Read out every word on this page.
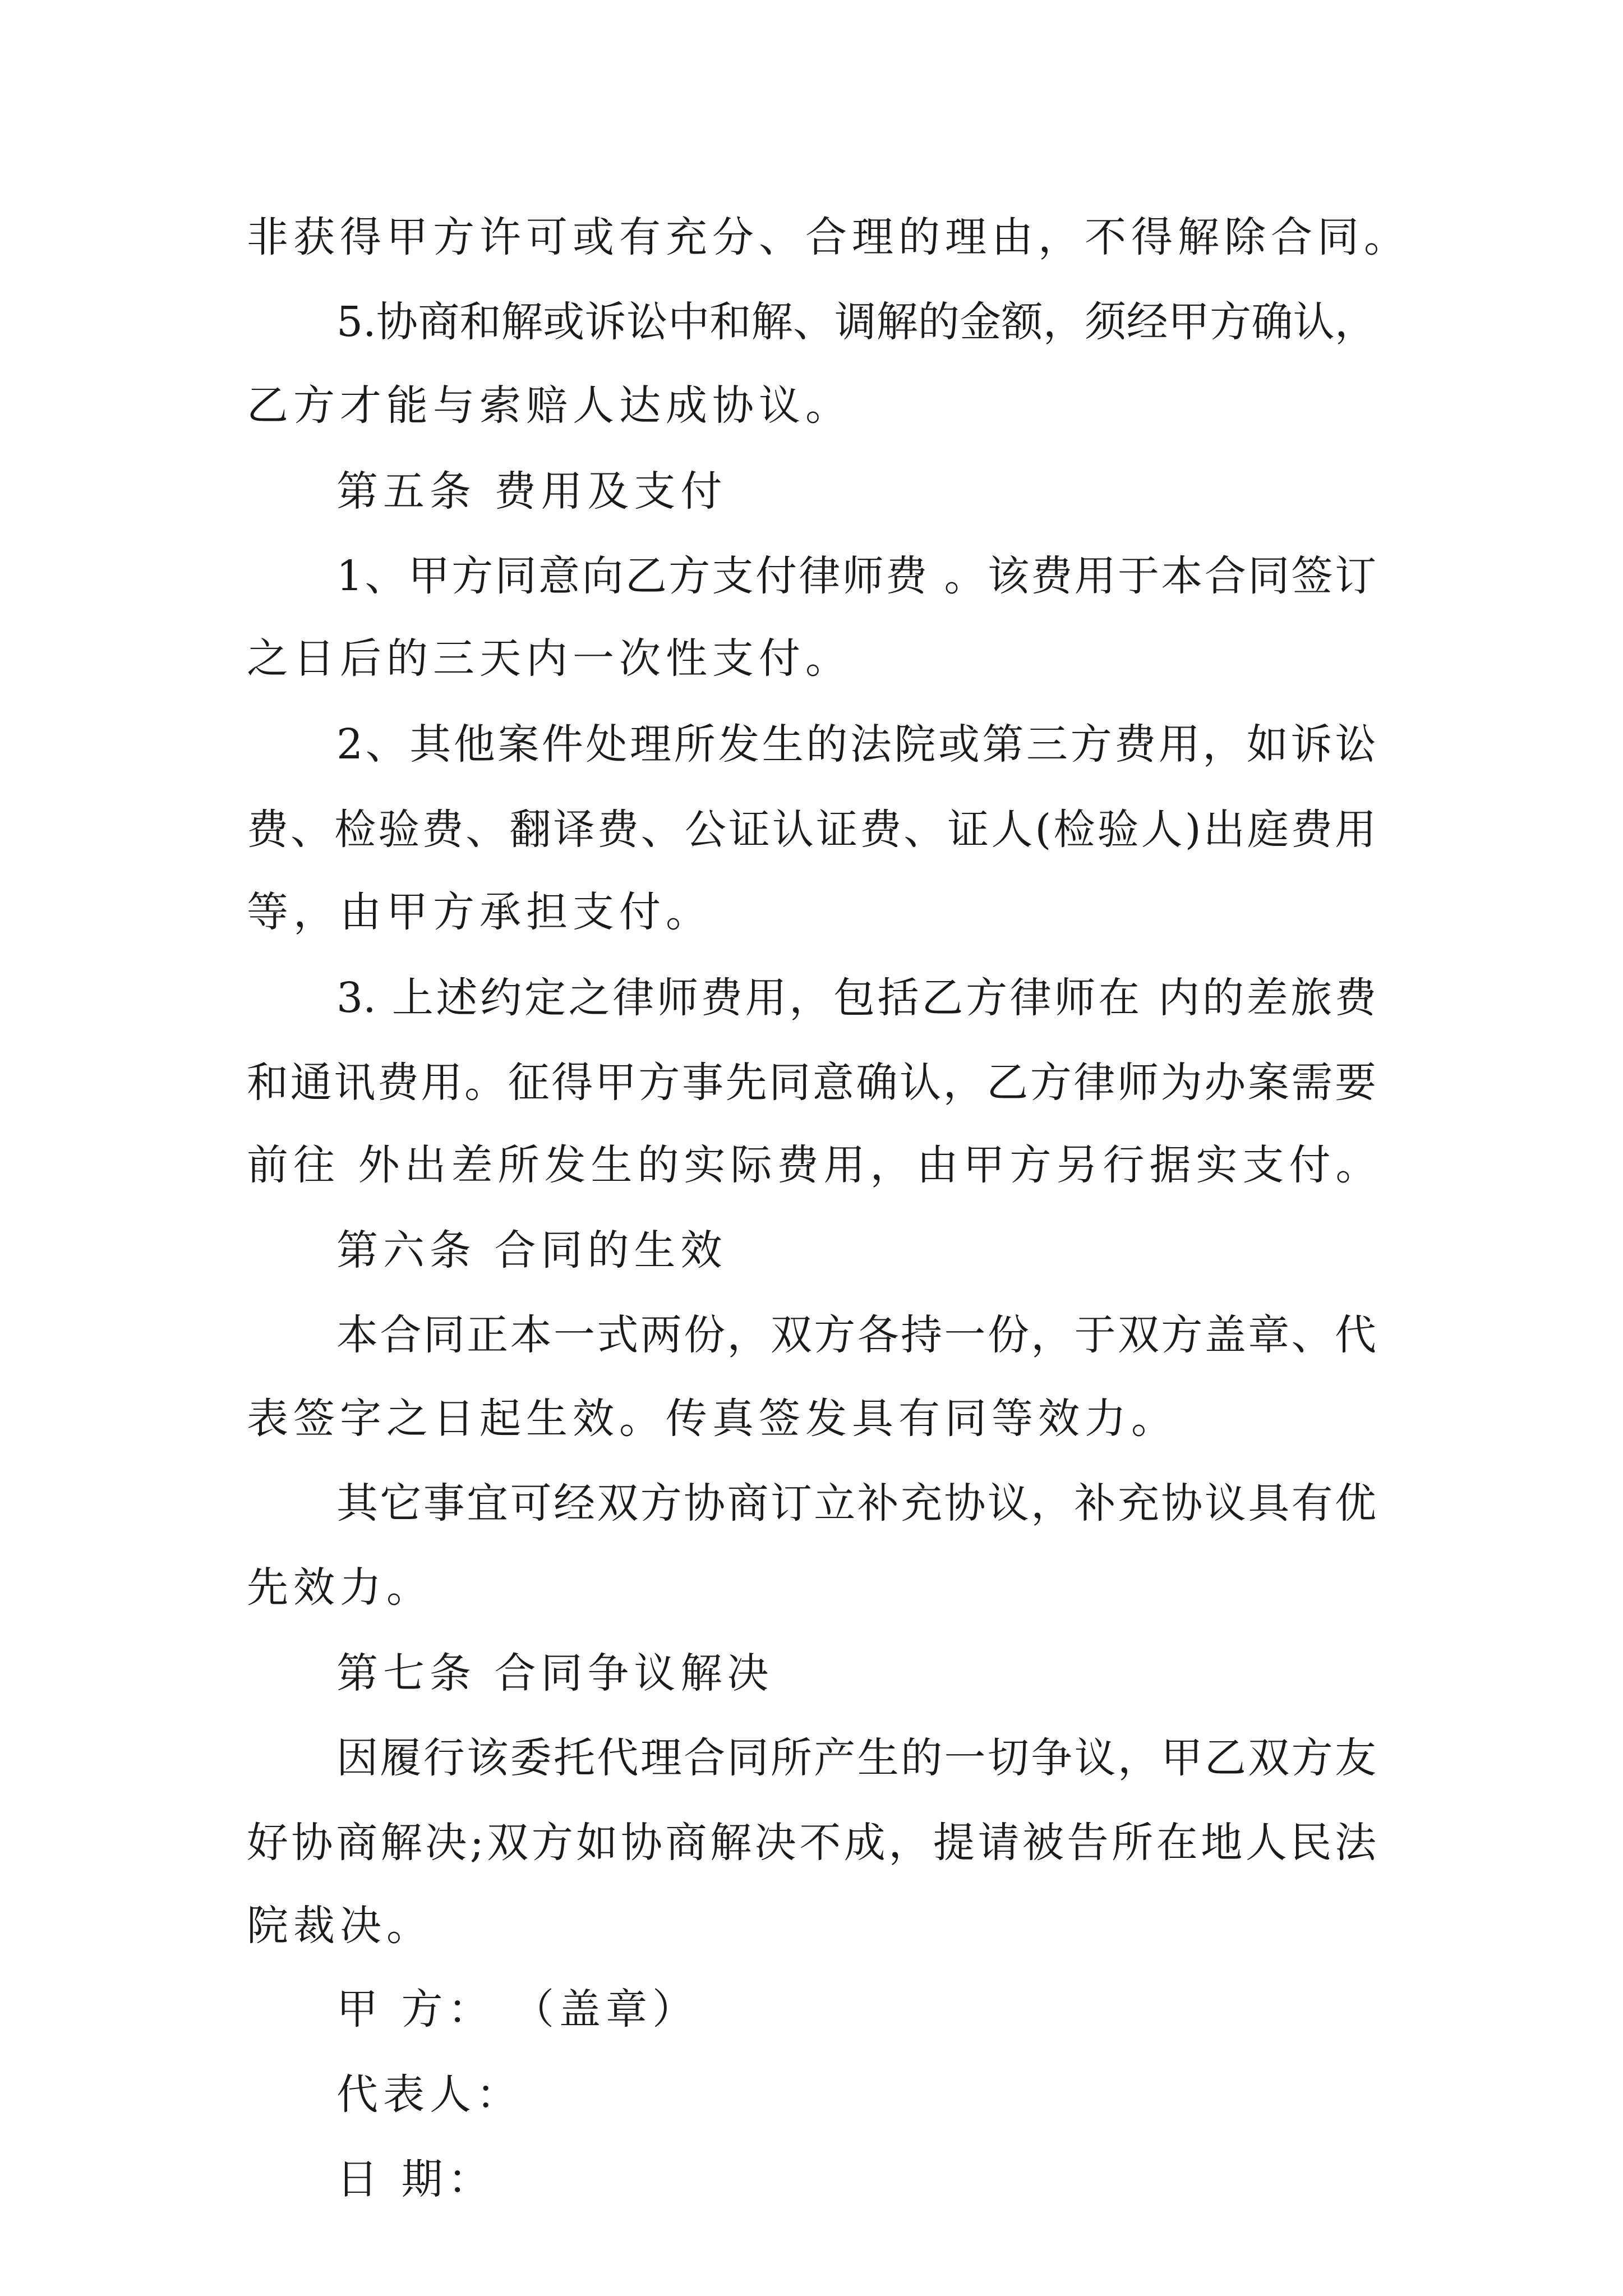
非获得甲方许可或有充分、合理的理由，不得解除合同。
5.协商和解或诉讼中和解、调解的金额，须经甲方确认，
乙方才能与索赔人达成协议。
第五条 费用及支付
1、甲方同意向乙方支付律师费 。该费用于本合同签订
之日后的三天内一次性支付。
2、其他案件处理所发生的法院或第三方费用，如诉讼
费、检验费、翻译费、公证认证费、证人(检验人)出庭费用
等，由甲方承担支付。
3. 上述约定之律师费用，包括乙方律师在 内的差旅费
和通讯费用。征得甲方事先同意确认，乙方律师为办案需要
前往 外出差所发生的实际费用，由甲方另行据实支付。
第六条 合同的生效
本合同正本一式两份，双方各持一份，于双方盖章、代
表签字之日起生效。传真签发具有同等效力。
其它事宜可经双方协商订立补充协议，补充协议具有优
先效力。
第七条 合同争议解决
因履行该委托代理合同所产生的一切争议，甲乙双方友
好协商解决;双方如协商解决不成，提请被告所在地人民法
院裁决。
甲 方： （盖章）
代表人：
日 期：
